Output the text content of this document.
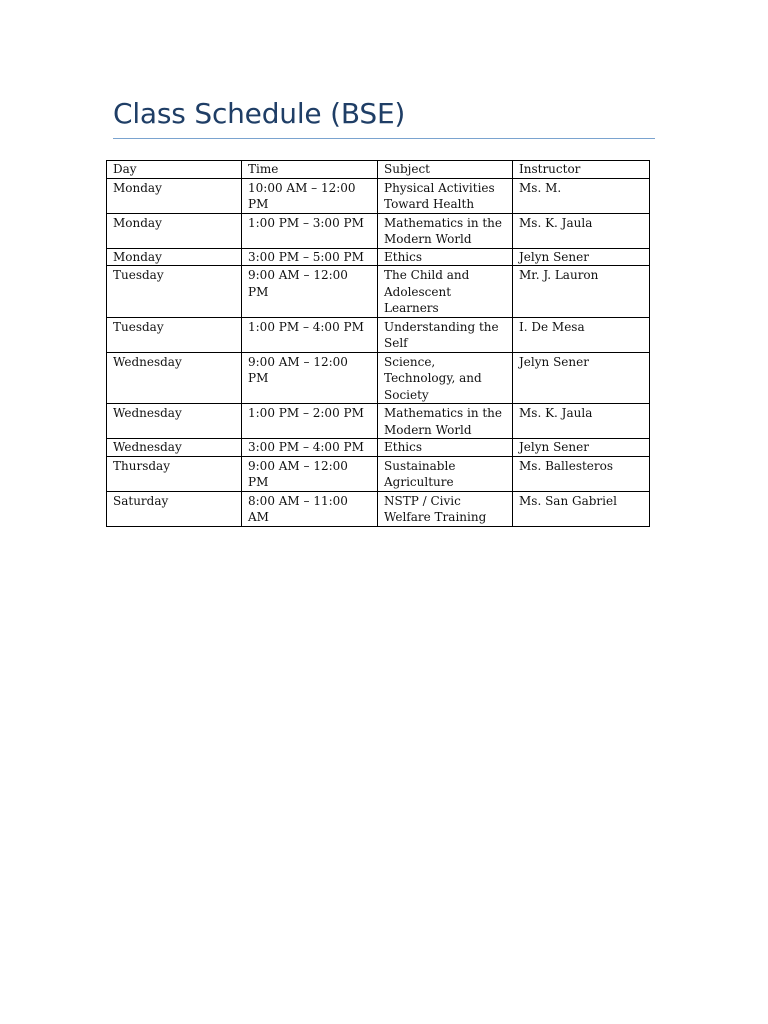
Class Schedule (BSE)
Day	Time	Subject	Instructor
Monday	10:00 AM – 12:00 PM	Physical Activities Toward Health	Ms. M.
Monday	1:00 PM – 3:00 PM	Mathematics in the Modern World	Ms. K. Jaula
Monday	3:00 PM – 5:00 PM	Ethics	Jelyn Sener
Tuesday	9:00 AM – 12:00 PM	The Child and Adolescent Learners	Mr. J. Lauron
Tuesday	1:00 PM – 4:00 PM	Understanding the Self	I. De Mesa
Wednesday	9:00 AM – 12:00 PM	Science, Technology, and Society	Jelyn Sener
Wednesday	1:00 PM – 2:00 PM	Mathematics in the Modern World	Ms. K. Jaula
Wednesday	3:00 PM – 4:00 PM	Ethics	Jelyn Sener
Thursday	9:00 AM – 12:00 PM	Sustainable Agriculture	Ms. Ballesteros
Saturday	8:00 AM – 11:00 AM	NSTP / Civic Welfare Training	Ms. San Gabriel
